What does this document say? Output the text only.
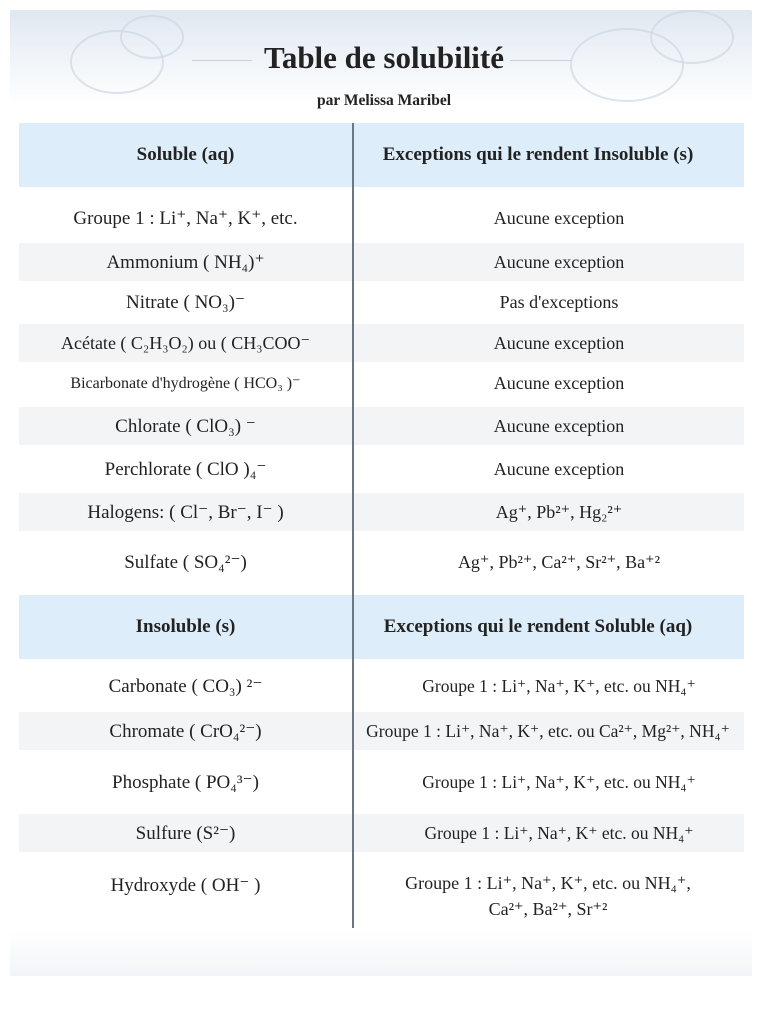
Table de solubilité
par Melissa Maribel
Soluble (aq)	Exceptions qui le rendent Insoluble (s)
Groupe 1 : Li⁺, Na⁺, K⁺, etc.	Aucune exception
Ammonium ( NH₄)⁺	Aucune exception
Nitrate ( NO₃)⁻	Pas d'exceptions
Acétate ( C₂H₃O₂) ou ( CH₃COO⁻	Aucune exception
Bicarbonate d'hydrogène ( HCO₃ )⁻	Aucune exception
Chlorate ( ClO₃) ⁻	Aucune exception
Perchlorate ( ClO )₄⁻	Aucune exception
Halogens: ( Cl⁻, Br⁻, I⁻ )	Ag⁺, Pb²⁺, Hg₂²⁺
Sulfate ( SO₄²⁻)	Ag⁺, Pb²⁺, Ca²⁺, Sr²⁺, Ba⁺²
Insoluble (s)	Exceptions qui le rendent Soluble (aq)
Carbonate ( CO₃) ²⁻	Groupe 1 : Li⁺, Na⁺, K⁺, etc. ou NH₄⁺
Chromate ( CrO₄²⁻)	Groupe 1 : Li⁺, Na⁺, K⁺, etc. ou Ca²⁺, Mg²⁺, NH₄⁺
Phosphate ( PO₄³⁻)	Groupe 1 : Li⁺, Na⁺, K⁺, etc. ou NH₄⁺
Sulfure (S²⁻)	Groupe 1 : Li⁺, Na⁺, K⁺ etc. ou NH₄⁺
Hydroxyde ( OH⁻ )	Groupe 1 : Li⁺, Na⁺, K⁺, etc. ou NH₄⁺, Ca²⁺, Ba²⁺, Sr⁺²
